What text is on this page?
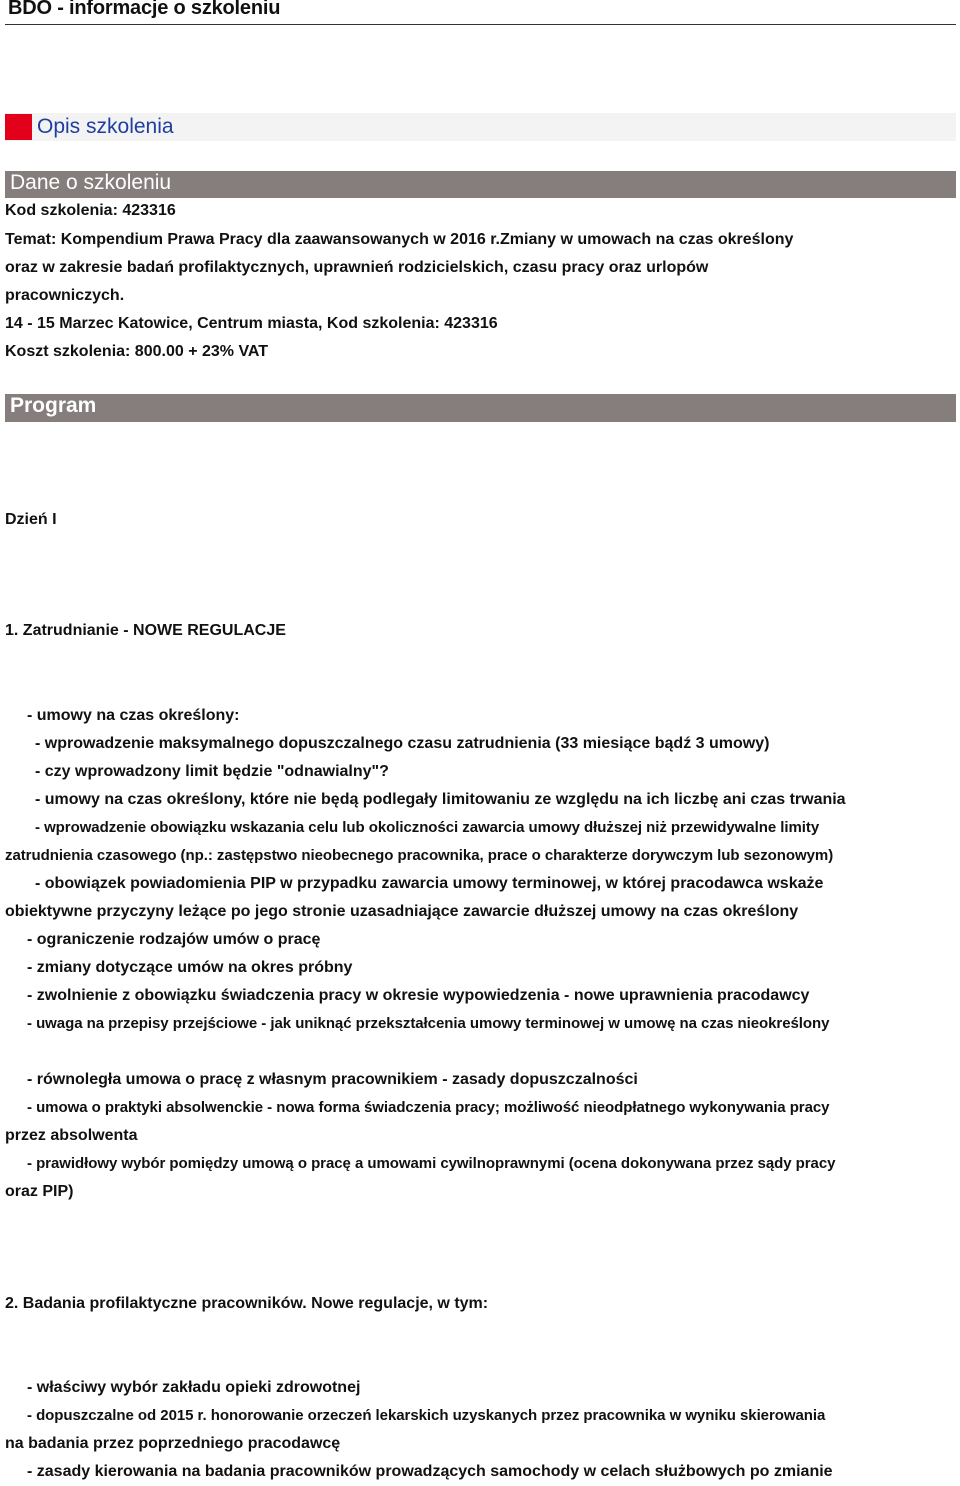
BDO - informacje o szkoleniu
Opis szkolenia
Dane o szkoleniu
Kod szkolenia: 423316
Temat: Kompendium Prawa Pracy dla zaawansowanych w 2016 r.Zmiany w umowach na czas określony
oraz w zakresie badań profilaktycznych, uprawnień rodzicielskich, czasu pracy oraz urlopów
pracowniczych.
14 - 15 Marzec Katowice, Centrum miasta, Kod szkolenia: 423316
Koszt szkolenia: 800.00 + 23% VAT
Program
Dzień I
1. Zatrudnianie - NOWE REGULACJE
- umowy na czas określony:
- wprowadzenie maksymalnego dopuszczalnego czasu zatrudnienia (33 miesiące bądź 3 umowy)
- czy wprowadzony limit będzie "odnawialny"?
- umowy na czas określony, które nie będą podlegały limitowaniu ze względu na ich liczbę ani czas trwania
- wprowadzenie obowiązku wskazania celu lub okoliczności zawarcia umowy dłuższej niż przewidywalne limity
zatrudnienia czasowego (np.: zastępstwo nieobecnego pracownika, prace o charakterze dorywczym lub sezonowym)
- obowiązek powiadomienia PIP w przypadku zawarcia umowy terminowej, w której pracodawca wskaże
obiektywne przyczyny leżące po jego stronie uzasadniające zawarcie dłuższej umowy na czas określony
- ograniczenie rodzajów umów o pracę
- zmiany dotyczące umów na okres próbny
- zwolnienie z obowiązku świadczenia pracy w okresie wypowiedzenia - nowe uprawnienia pracodawcy
- uwaga na przepisy przejściowe - jak uniknąć przekształcenia umowy terminowej w umowę na czas nieokreślony
- równoległa umowa o pracę z własnym pracownikiem - zasady dopuszczalności
- umowa o praktyki absolwenckie - nowa forma świadczenia pracy; możliwość nieodpłatnego wykonywania pracy
przez absolwenta
- prawidłowy wybór pomiędzy umową o pracę a umowami cywilnoprawnymi (ocena dokonywana przez sądy pracy
oraz PIP)
2. Badania profilaktyczne pracowników. Nowe regulacje, w tym:
- właściwy wybór zakładu opieki zdrowotnej
- dopuszczalne od 2015 r. honorowanie orzeczeń lekarskich uzyskanych przez pracownika w wyniku skierowania
na badania przez poprzedniego pracodawcę
- zasady kierowania na badania pracowników prowadzących samochody w celach służbowych po zmianie
